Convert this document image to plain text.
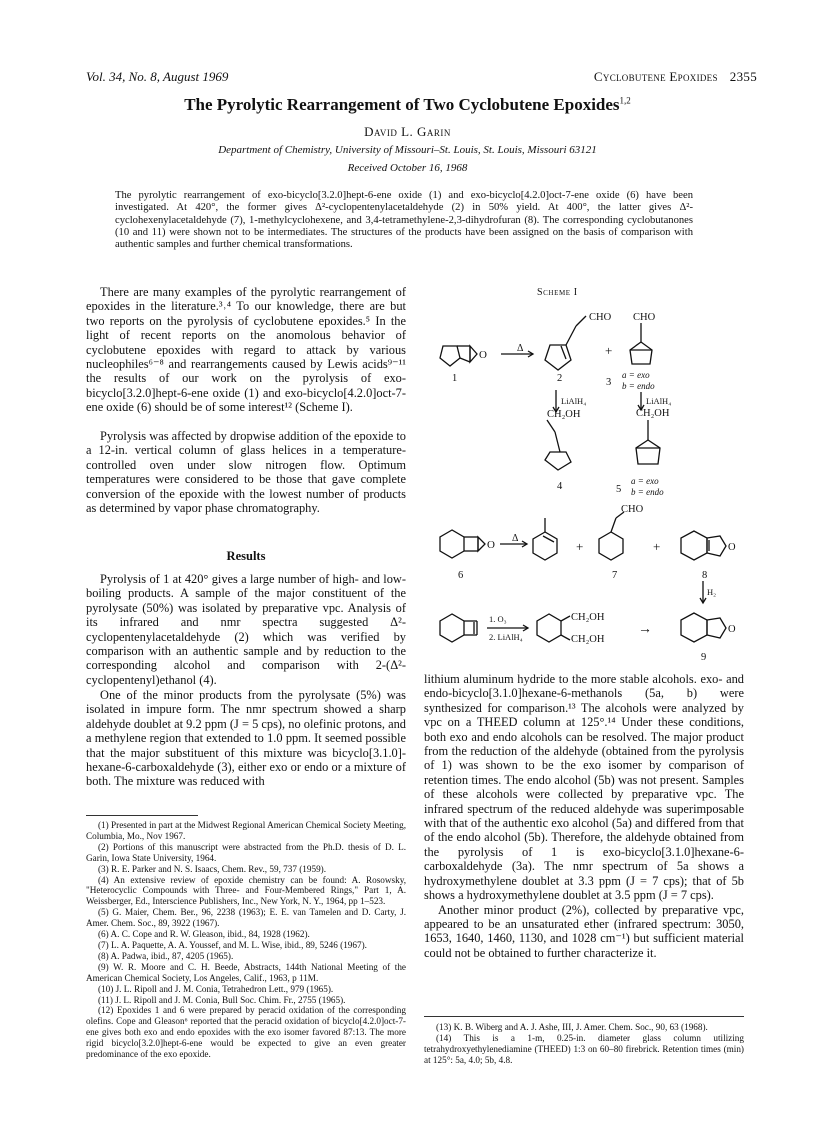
Vol. 34, No. 8, August 1969	Cyclobutene Epoxides 2355
The Pyrolytic Rearrangement of Two Cyclobutene Epoxides$^{1,2}$
David L. Garin
Department of Chemistry, University of Missouri–St. Louis, St. Louis, Missouri 63121
Received October 16, 1968
The pyrolytic rearrangement of exo-bicyclo[3.2.0]hept-6-ene oxide (1) and exo-bicyclo[4.2.0]oct-7-ene oxide (6) have been investigated. At 420°, the former gives Δ²-cyclopentenylacetaldehyde (2) in 50% yield. At 400°, the latter gives Δ²-cyclohexenylacetaldehyde (7), 1-methylcyclohexene, and 3,4-tetramethylene-2,3-dihydrofuran (8). The corresponding cyclobutanones (10 and 11) were shown not to be intermediates. The structures of the products have been assigned on the basis of comparison with authentic samples and further chemical transformations.
There are many examples of the pyrolytic rearrangement of epoxides in the literature.³˒⁴ To our knowledge, there are but two reports on the pyrolysis of cyclobutene epoxides.⁵ In the light of recent reports on the anomolous behavior of cyclobutene epoxides with regard to attack by various nucleophiles⁶⁻⁸ and rearrangements caused by Lewis acids⁹⁻¹¹ the results of our work on the pyrolysis of exo-bicyclo[3.2.0]hept-6-ene oxide (1) and exo-bicyclo[4.2.0]oct-7-ene oxide (6) should be of some interest¹² (Scheme I).
Pyrolysis was affected by dropwise addition of the epoxide to a 12-in. vertical column of glass helices in a temperature-controlled oven under slow nitrogen flow. Optimum temperatures were considered to be those that gave complete conversion of the epoxide with the lowest number of products as determined by vapor phase chromatography.
Results
Pyrolysis of 1 at 420° gives a large number of high- and low-boiling products. A sample of the major constituent of the pyrolysate (50%) was isolated by preparative vpc. Analysis of its infrared and nmr spectra suggested Δ²-cyclopentenylacetaldehyde (2) which was verified by comparison with an authentic sample and by reduction to the corresponding alcohol and comparison with 2-(Δ²-cyclopentenyl)ethanol (4).
One of the minor products from the pyrolysate (5%) was isolated in impure form. The nmr spectrum showed a sharp aldehyde doublet at 9.2 ppm (J = 5 cps), no olefinic protons, and a methylene region that extended to 1.0 ppm. It seemed possible that the major substituent of this mixture was bicyclo[3.1.0]-hexane-6-carboxaldehyde (3), either exo or endo or a mixture of both. The mixture was reduced with
(1) Presented in part at the Midwest Regional American Chemical Society Meeting, Columbia, Mo., Nov 1967.
(2) Portions of this manuscript were abstracted from the Ph.D. thesis of D. L. Garin, Iowa State University, 1964.
(3) R. E. Parker and N. S. Isaacs, Chem. Rev., 59, 737 (1959).
(4) An extensive review of epoxide chemistry can be found: A. Rosowsky, "Heterocyclic Compounds with Three- and Four-Membered Rings," Part 1, A. Weissberger, Ed., Interscience Publishers, Inc., New York, N. Y., 1964, pp 1–523.
(5) G. Maier, Chem. Ber., 96, 2238 (1963); E. E. van Tamelen and D. Carty, J. Amer. Chem. Soc., 89, 3922 (1967).
(6) A. C. Cope and R. W. Gleason, ibid., 84, 1928 (1962).
(7) L. A. Paquette, A. A. Youssef, and M. L. Wise, ibid., 89, 5246 (1967).
(8) A. Padwa, ibid., 87, 4205 (1965).
(9) W. R. Moore and C. H. Beede, Abstracts, 144th National Meeting of the American Chemical Society, Los Angeles, Calif., 1963, p 11M.
(10) J. L. Ripoll and J. M. Conia, Tetrahedron Lett., 979 (1965).
(11) J. L. Ripoll and J. M. Conia, Bull Soc. Chim. Fr., 2755 (1965).
(12) Epoxides 1 and 6 were prepared by peracid oxidation of the corresponding olefins. Cope and Gleason⁶ reported that the peracid oxidation of bicyclo[4.2.0]oct-7-ene gives both exo and endo epoxides with the exo isomer favored 87:13. The more rigid bicyclo[3.2.0]hept-6-ene would be expected to give an even greater predominance of the exo epoxide.
lithium aluminum hydride to the more stable alcohols. exo- and endo-bicyclo[3.1.0]hexane-6-methanols (5a, b) were synthesized for comparison.¹³ The alcohols were analyzed by vpc on a THEED column at 125°.¹⁴ Under these conditions, both exo and endo alcohols can be resolved. The major product from the reduction of the aldehyde (obtained from the pyrolysis of 1) was shown to be the exo isomer by comparison of retention times. The endo alcohol (5b) was not present. Samples of these alcohols were collected by preparative vpc. The infrared spectrum of the reduced aldehyde was superimposable with that of the authentic exo alcohol (5a) and differed from that of the endo alcohol (5b). Therefore, the aldehyde obtained from the pyrolysis of 1 is exo-bicyclo[3.1.0]hexane-6-carboxaldehyde (3a). The nmr spectrum of 5a shows a hydroxymethylene doublet at 3.3 ppm (J = 7 cps); that of 5b shows a hydroxymethylene doublet at 3.5 ppm (J = 7 cps).
Another minor product (2%), collected by preparative vpc, appeared to be an unsaturated ether (infrared spectrum: 3050, 1653, 1640, 1460, 1130, and 1028 cm⁻¹) but sufficient material could not be obtained to further characterize it.
(13) K. B. Wiberg and A. J. Ashe, III, J. Amer. Chem. Soc., 90, 63 (1968).
(14) This is a 1-m, 0.25-in. diameter glass column utilizing tetrahydroxyethylenediamine (THEED) 1:3 on 60–80 firebrick. Retention times (min) at 125°: 5a, 4.0; 5b, 4.8.
Scheme I
O
Δ
CHO
+
CHO
3
a = exo
b = endo
1	2
LiAlH₄	LiAlH₄
CH₂OH
4
CH₂OH
5
a = exo
b = endo
O
6
Δ
+
CHO
7
+	O
8
H₂
1. O₃
2. LiAlH₄
CH₂OH
CH₂OH
→	O
9
